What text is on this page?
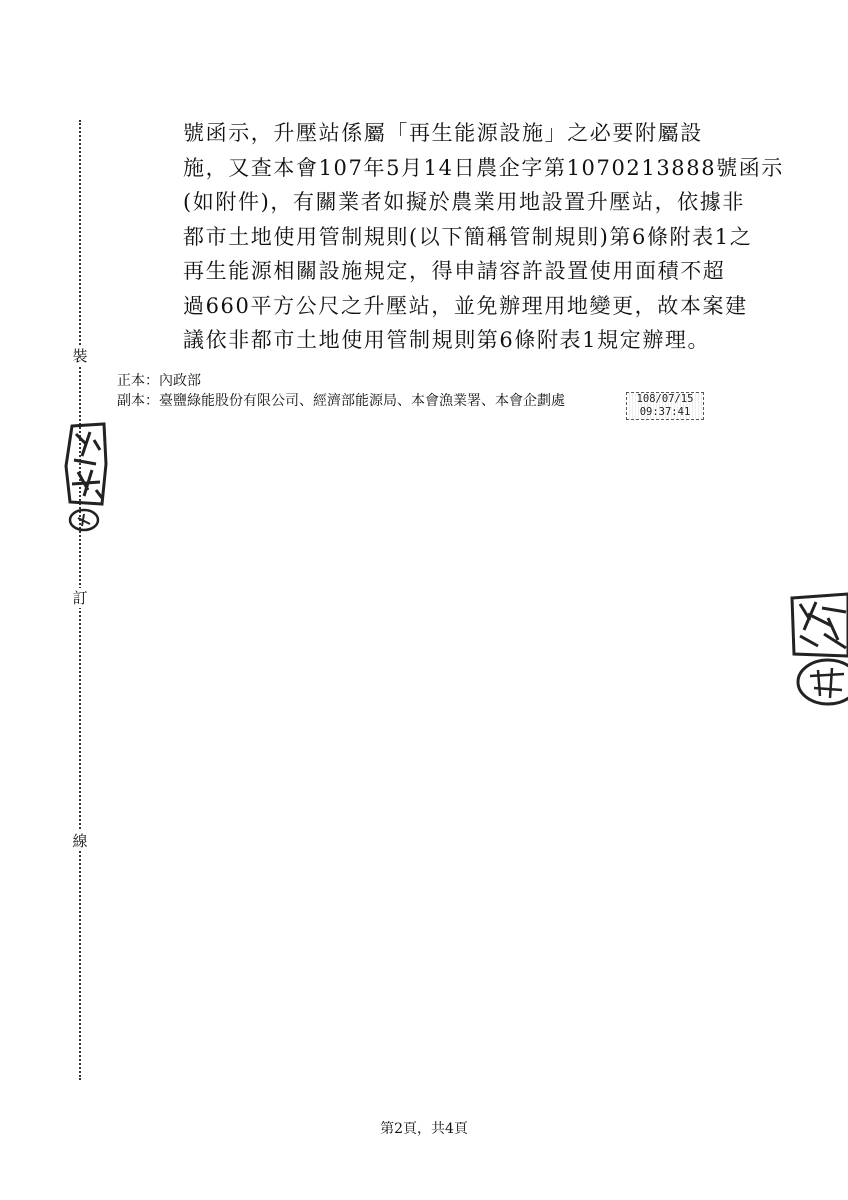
裝
訂
線
號函示，升壓站係屬「再生能源設施」之必要附屬設
施，又查本會107年5月14日農企字第1070213888號函示
(如附件)，有關業者如擬於農業用地設置升壓站，依據非
都市土地使用管制規則(以下簡稱管制規則)第6條附表1之
再生能源相關設施規定，得申請容許設置使用面積不超
過660平方公尺之升壓站，並免辦理用地變更，故本案建
議依非都市土地使用管制規則第6條附表1規定辦理。
正本：內政部
副本：臺鹽綠能股份有限公司、經濟部能源局、本會漁業署、本會企劃處	108/07/15
09:37:41
第2頁，共4頁
